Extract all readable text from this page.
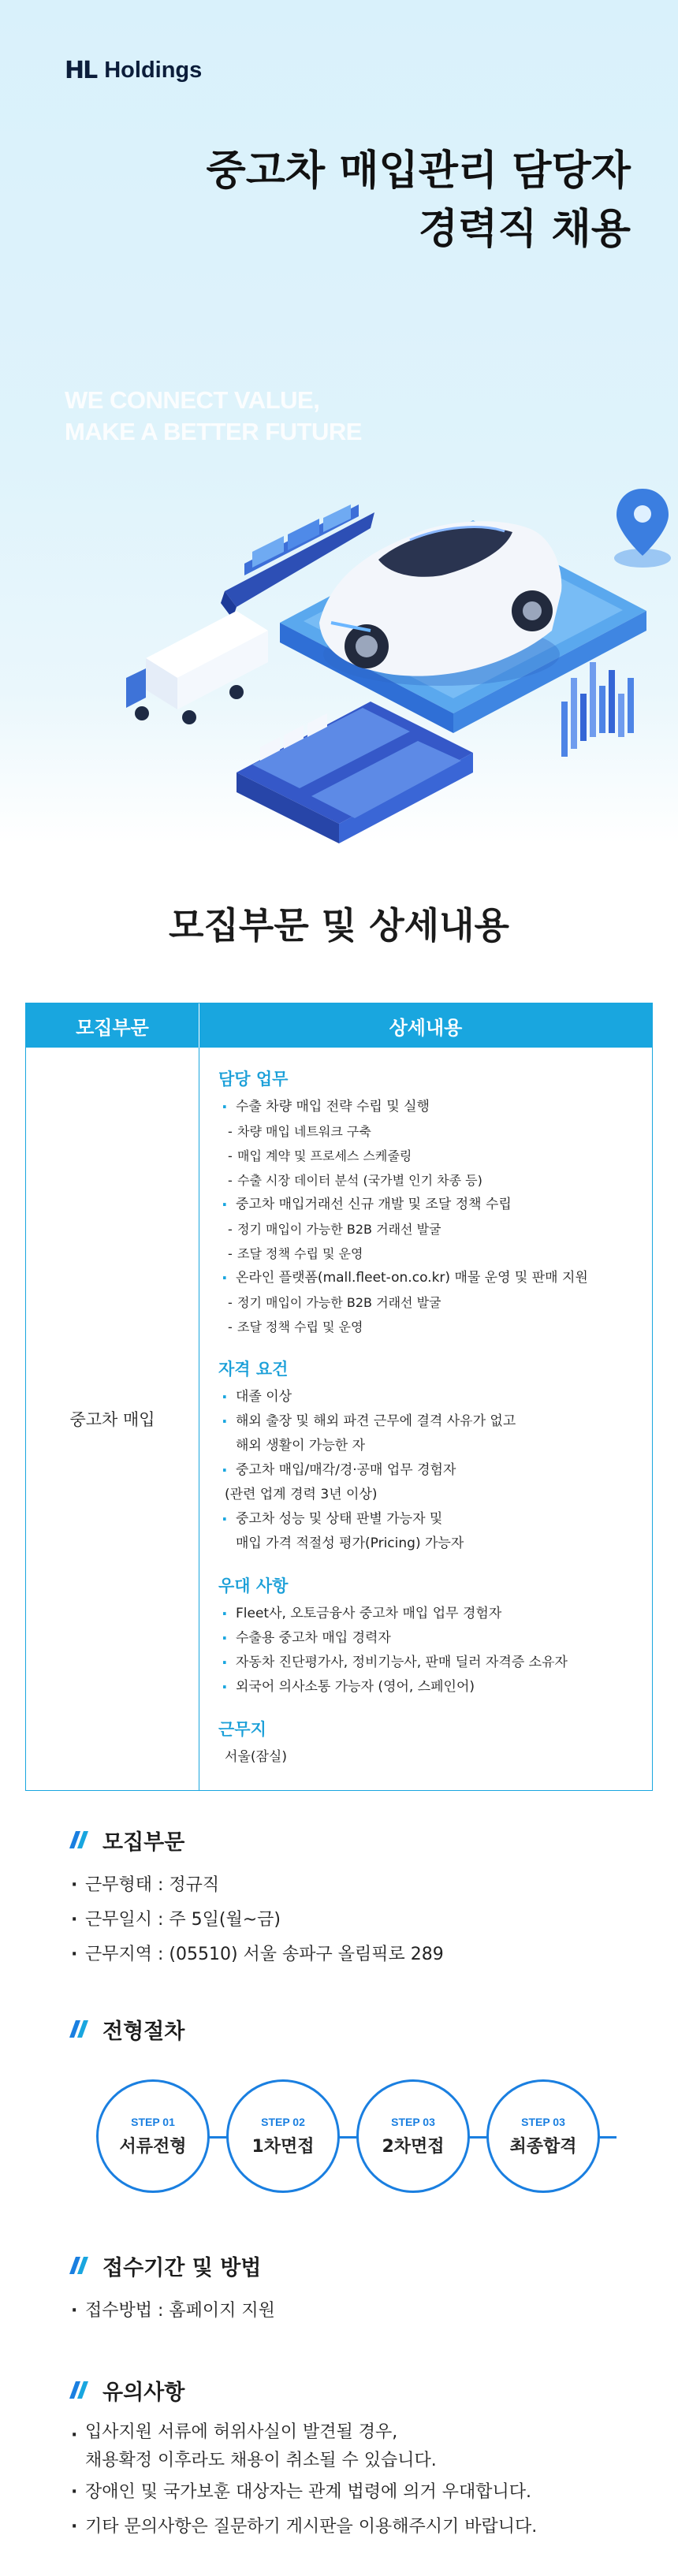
HL Holdings
중고차 매입관리 담당자
경력직 채용
WE CONNECT VALUE,
MAKE A BETTER FUTURE
모집부문 및 상세내용
모집부문	상세내용
중고차 매입
담당 업무
· 수출 차량 매입 전략 수립 및 실행
- 차량 매입 네트워크 구축
- 매입 계약 및 프로세스 스케줄링
- 수출 시장 데이터 분석 (국가별 인기 차종 등)
· 중고차 매입거래선 신규 개발 및 조달 정책 수립
- 정기 매입이 가능한 B2B 거래선 발굴
- 조달 정책 수립 및 운영
· 온라인 플랫폼(mall.fleet-on.co.kr) 매물 운영 및 판매 지원
- 정기 매입이 가능한 B2B 거래선 발굴
- 조달 정책 수립 및 운영
자격 요건
· 대졸 이상
· 해외 출장 및 해외 파견 근무에 결격 사유가 없고
해외 생활이 가능한 자
· 중고차 매입/매각/경·공매 업무 경험자
(관련 업계 경력 3년 이상)
· 중고차 성능 및 상태 판별 가능자 및
매입 가격 적절성 평가(Pricing) 가능자
우대 사항
· Fleet사, 오토금융사 중고차 매입 업무 경험자
· 수출용 중고차 매입 경력자
· 자동차 진단평가사, 정비기능사, 판매 딜러 자격증 소유자
· 외국어 의사소통 가능자 (영어, 스페인어)
근무지
서울(잠실)
모집부문
· 근무형태 : 정규직
· 근무일시 : 주 5일(월~금)
· 근무지역 : (05510) 서울 송파구 올림픽로 289
전형절차
STEP 01
서류전형
STEP 02
1차면접
STEP 03
2차면접
STEP 03
최종합격
접수기간 및 방법
· 접수방법 : 홈페이지 지원
유의사항
· 입사지원 서류에 허위사실이 발견될 경우,
채용확정 이후라도 채용이 취소될 수 있습니다.
· 장애인 및 국가보훈 대상자는 관계 법령에 의거 우대합니다.
· 기타 문의사항은 질문하기 게시판을 이용해주시기 바랍니다.
